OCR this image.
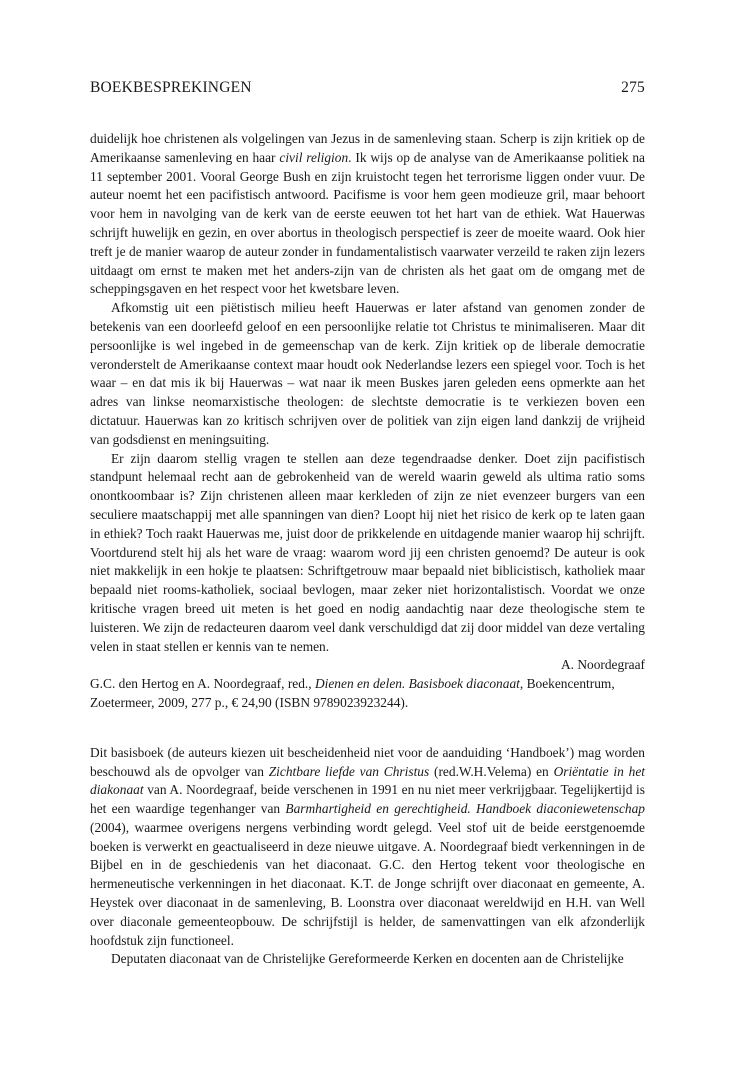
BOEKBESPREKINGEN	275

duidelijk hoe christenen als volgelingen van Jezus in de samenleving staan. Scherp is zijn kritiek op de Amerikaanse samenleving en haar civil religion. Ik wijs op de analyse van de Amerikaanse politiek na 11 september 2001. Vooral George Bush en zijn kruistocht tegen het terrorisme liggen onder vuur. De auteur noemt het een pacifistisch antwoord. Pacifisme is voor hem geen modieuze gril, maar behoort voor hem in navolging van de kerk van de eerste eeuwen tot het hart van de ethiek. Wat Hauerwas schrijft huwelijk en gezin, en over abortus in theologisch perspectief is zeer de moeite waard. Ook hier treft je de manier waarop de auteur zonder in fundamentalistisch vaarwater verzeild te raken zijn lezers uitdaagt om ernst te maken met het anders-zijn van de christen als het gaat om de omgang met de scheppingsgaven en het respect voor het kwetsbare leven.

Afkomstig uit een piëtistisch milieu heeft Hauerwas er later afstand van genomen zonder de betekenis van een doorleefd geloof en een persoonlijke relatie tot Christus te minimaliseren. Maar dit persoonlijke is wel ingebed in de gemeenschap van de kerk. Zijn kritiek op de liberale democratie veronderstelt de Amerikaanse context maar houdt ook Nederlandse lezers een spiegel voor. Toch is het waar – en dat mis ik bij Hauerwas – wat naar ik meen Buskes jaren geleden eens opmerkte aan het adres van linkse neomarxistische theologen: de slechtste democratie is te verkiezen boven een dictatuur. Hauerwas kan zo kritisch schrijven over de politiek van zijn eigen land dankzij de vrijheid van godsdienst en meningsuiting.

Er zijn daarom stellig vragen te stellen aan deze tegendraadse denker. Doet zijn pacifistisch standpunt helemaal recht aan de gebrokenheid van de wereld waarin geweld als ultima ratio soms onontkoombaar is? Zijn christenen alleen maar kerkleden of zijn ze niet evenzeer burgers van een seculiere maatschappij met alle spanningen van dien? Loopt hij niet het risico de kerk op te laten gaan in ethiek? Toch raakt Hauerwas me, juist door de prikkelende en uitdagende manier waarop hij schrijft. Voortdurend stelt hij als het ware de vraag: waarom word jij een christen genoemd? De auteur is ook niet makkelijk in een hokje te plaatsen: Schriftgetrouw maar bepaald niet biblicistisch, katholiek maar bepaald niet rooms-katholiek, sociaal bevlogen, maar zeker niet horizontalistisch. Voordat we onze kritische vragen breed uit meten is het goed en nodig aandachtig naar deze theologische stem te luisteren. We zijn de redacteuren daarom veel dank verschuldigd dat zij door middel van deze vertaling velen in staat stellen er kennis van te nemen.

A. Noordegraaf

G.C. den Hertog en A. Noordegraaf, red., Dienen en delen. Basisboek diaconaat, Boekencentrum, Zoetermeer, 2009, 277 p., € 24,90 (ISBN 9789023923244).

Dit basisboek (de auteurs kiezen uit bescheidenheid niet voor de aanduiding ‘Handboek’) mag worden beschouwd als de opvolger van Zichtbare liefde van Christus (red.W.H.Velema) en Oriëntatie in het diakonaat van A. Noordegraaf, beide verschenen in 1991 en nu niet meer verkrijgbaar. Tegelijkertijd is het een waardige tegenhanger van Barmhartigheid en gerechtigheid. Handboek diaconiewetenschap (2004), waarmee overigens nergens verbinding wordt gelegd. Veel stof uit de beide eerstgenoemde boeken is verwerkt en geactualiseerd in deze nieuwe uitgave. A. Noordegraaf biedt verkenningen in de Bijbel en in de geschiedenis van het diaconaat. G.C. den Hertog tekent voor theologische en hermeneutische verkenningen in het diaconaat. K.T. de Jonge schrijft over diaconaat en gemeente, A. Heystek over diaconaat in de samenleving, B. Loonstra over diaconaat wereldwijd en H.H. van Well over diaconale gemeenteopbouw. De schrijfstijl is helder, de samenvattingen van elk afzonderlijk hoofdstuk zijn functioneel.

Deputaten diaconaat van de Christelijke Gereformeerde Kerken en docenten aan de Christelijke
